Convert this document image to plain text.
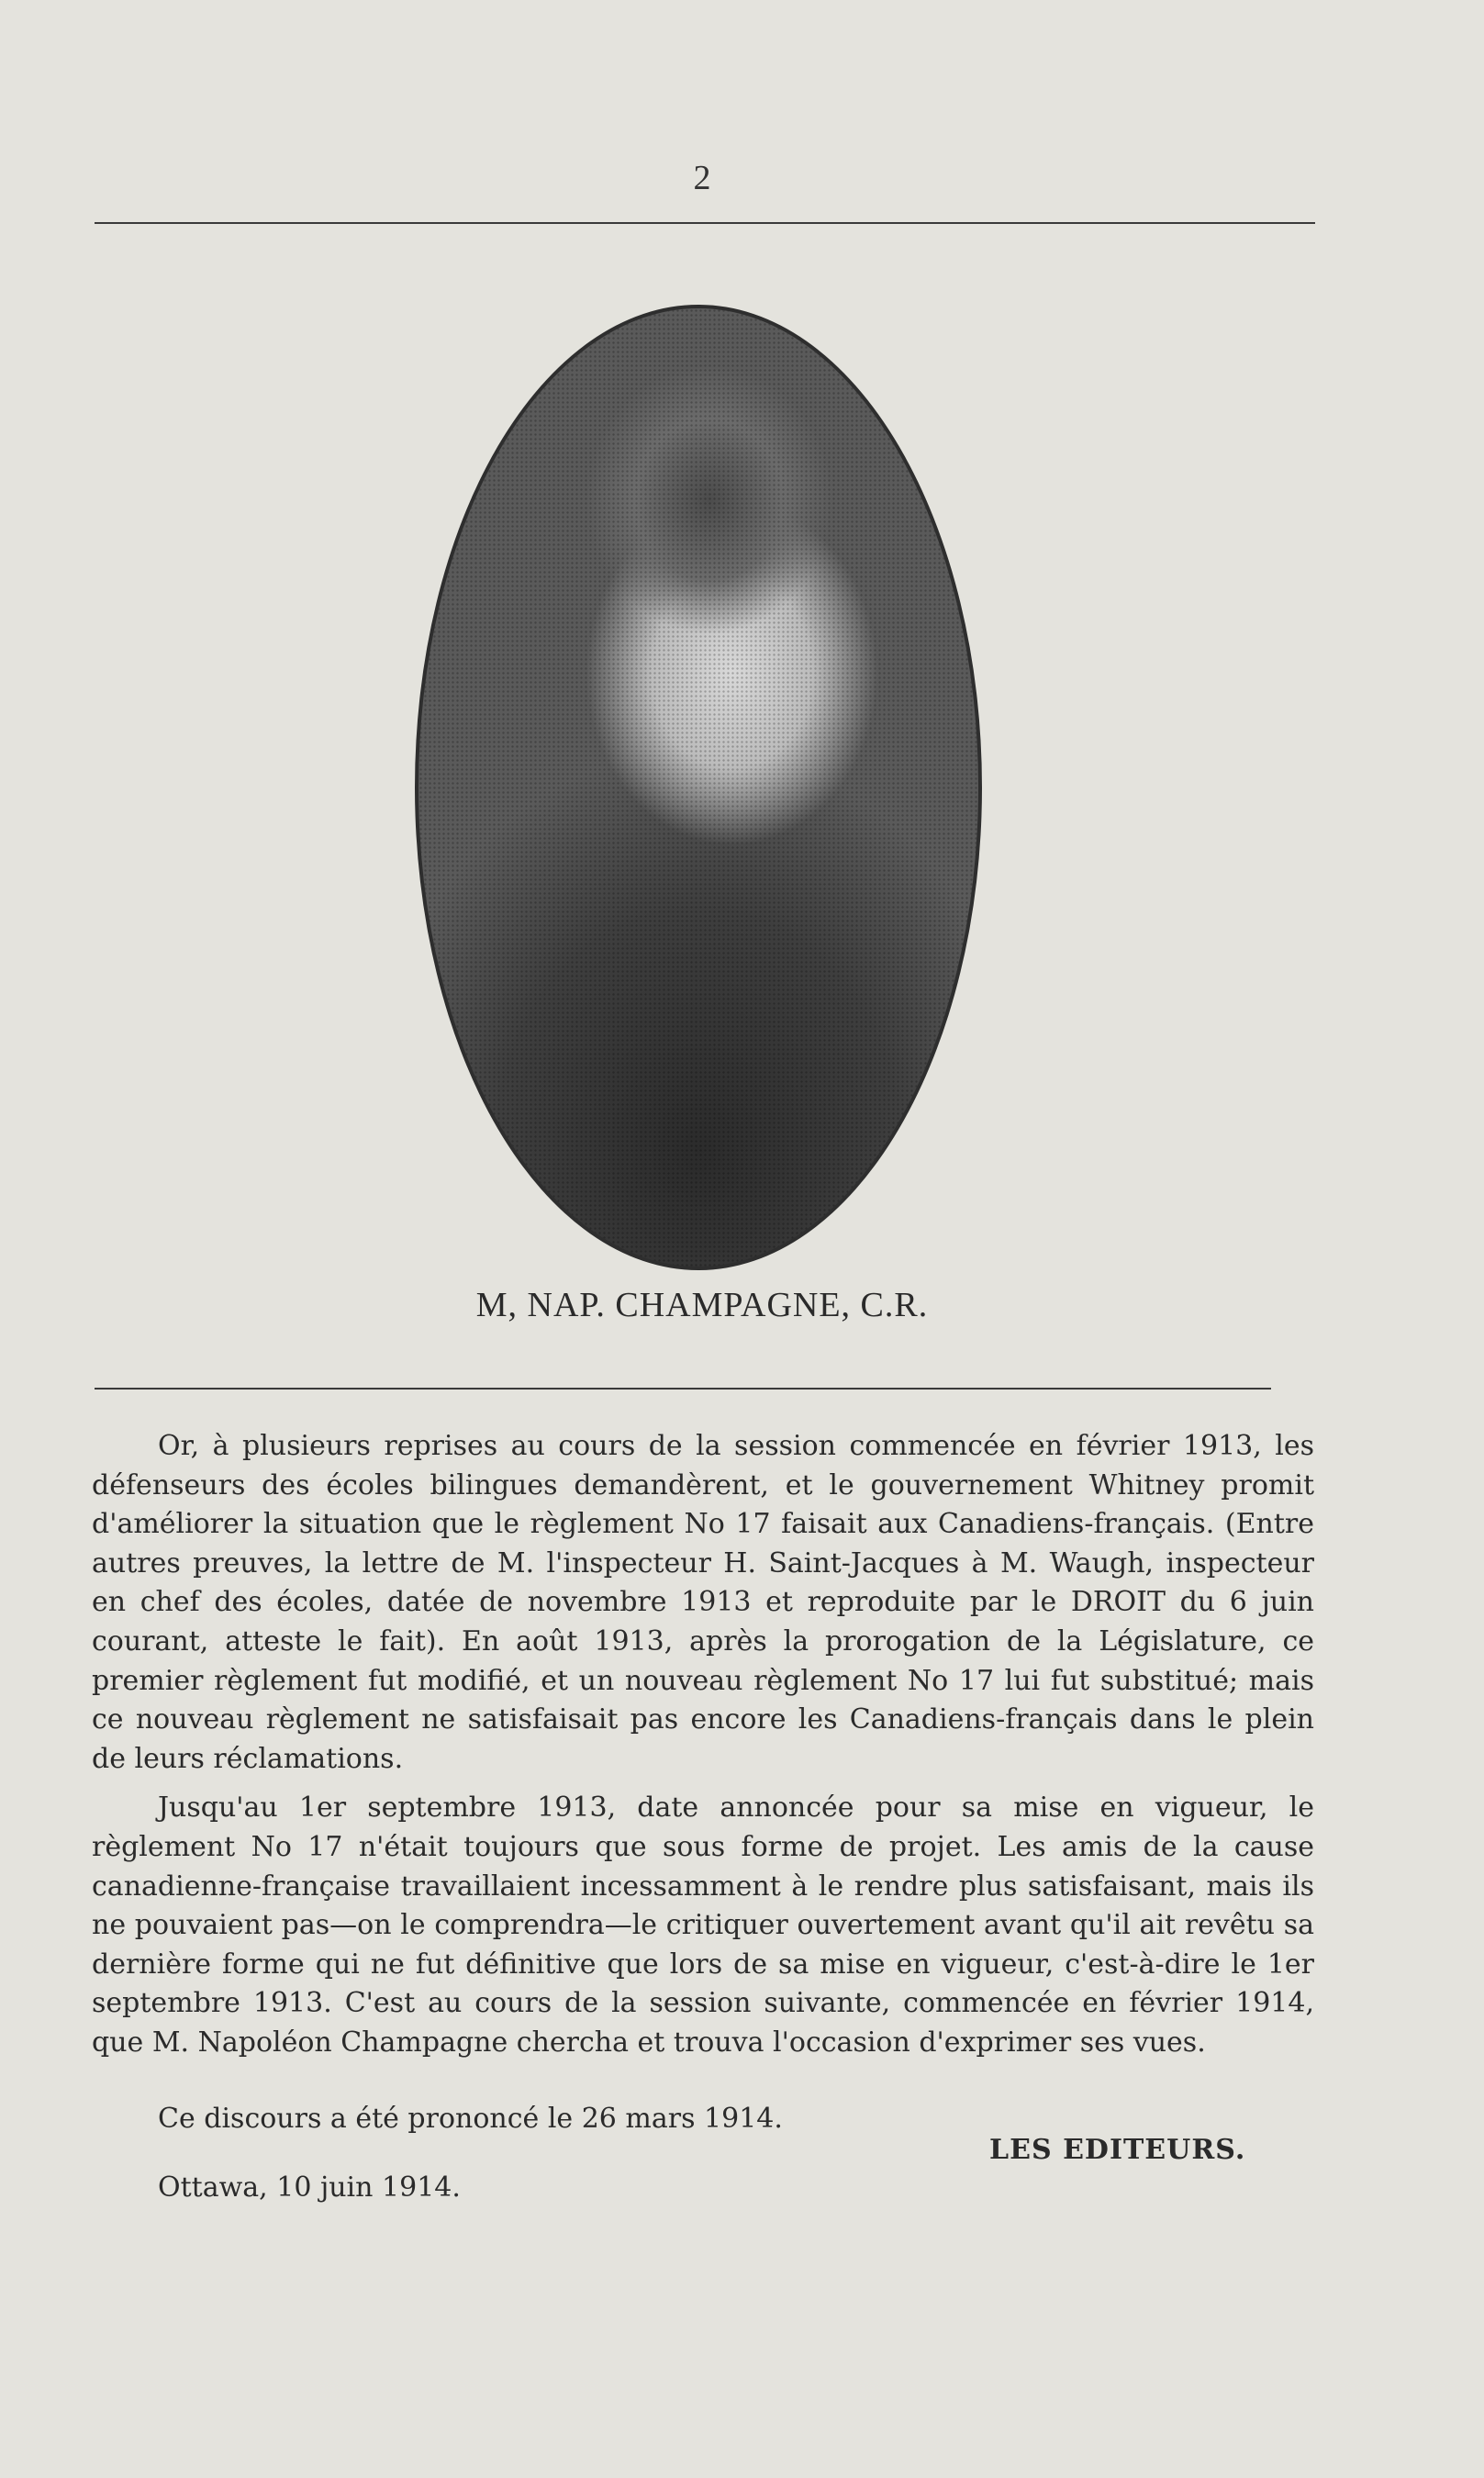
2
M, NAP. CHAMPAGNE, C.R.

Or, à plusieurs reprises au cours de la session commencée en février 1913, les défenseurs des écoles bilingues demandèrent, et le gouvernement Whitney promit d'améliorer la situation que le règlement No 17 faisait aux Canadiens-français. (Entre autres preuves, la lettre de M. l'inspecteur H. Saint-Jacques à M. Waugh, inspecteur en chef des écoles, datée de novembre 1913 et reproduite par le DROIT du 6 juin courant, atteste le fait). En août 1913, après la prorogation de la Législature, ce premier règlement fut modifié, et un nouveau règlement No 17 lui fut substitué; mais ce nouveau règlement ne satisfaisait pas encore les Canadiens-français dans le plein de leurs réclamations.

Jusqu'au 1er septembre 1913, date annoncée pour sa mise en vigueur, le règlement No 17 n'était toujours que sous forme de projet. Les amis de la cause canadienne-française travaillaient incessamment à le rendre plus satisfaisant, mais ils ne pouvaient pas—on le comprendra—le critiquer ouvertement avant qu'il ait revêtu sa dernière forme qui ne fut définitive que lors de sa mise en vigueur, c'est-à-dire le 1er septembre 1913. C'est au cours de la session suivante, commencée en février 1914, que M. Napoléon Champagne chercha et trouva l'occasion d'exprimer ses vues.

Ce discours a été prononcé le 26 mars 1914.
LES EDITEURS.
Ottawa, 10 juin 1914.
